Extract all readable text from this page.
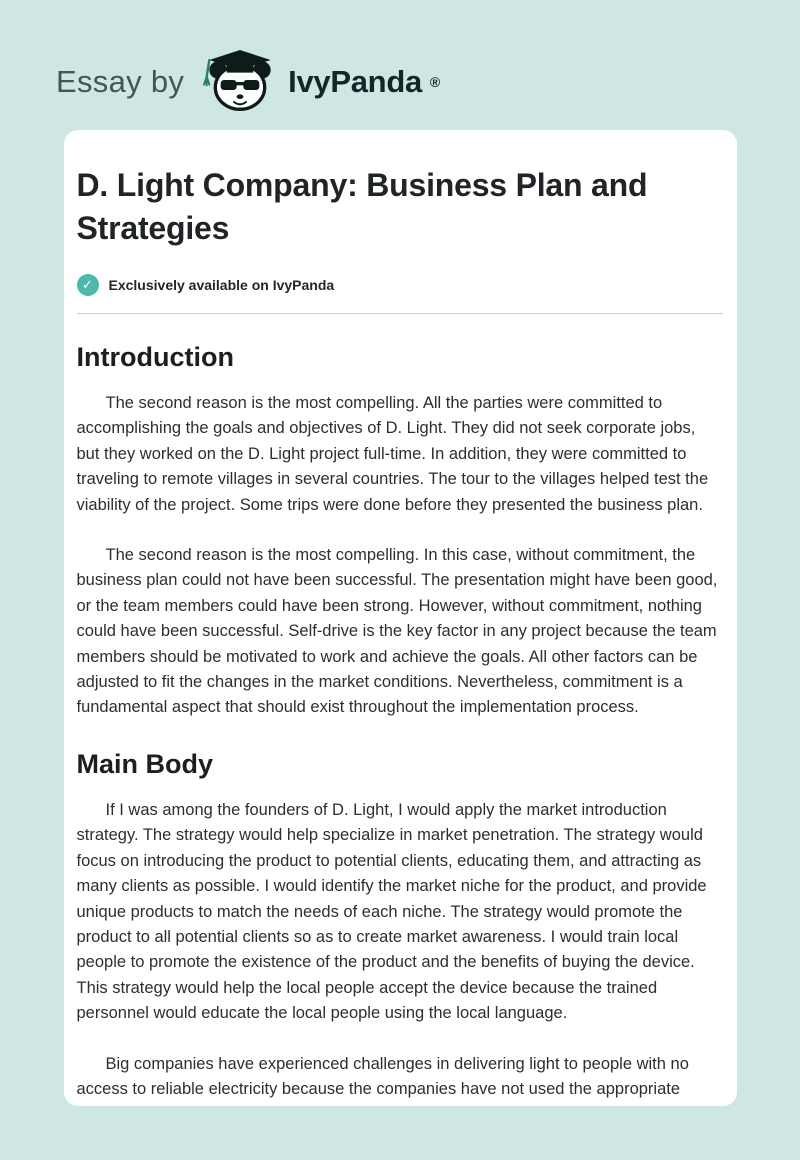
Essay by	IvyPanda ®
D. Light Company: Business Plan and Strategies
✓	Exclusively available on IvyPanda
Introduction

The second reason is the most compelling. All the parties were committed to accomplishing the goals and objectives of D. Light. They did not seek corporate jobs, but they worked on the D. Light project full-time. In addition, they were committed to traveling to remote villages in several countries. The tour to the villages helped test the viability of the project. Some trips were done before they presented the business plan.

The second reason is the most compelling. In this case, without commitment, the business plan could not have been successful. The presentation might have been good, or the team members could have been strong. However, without commitment, nothing could have been successful. Self-drive is the key factor in any project because the team members should be motivated to work and achieve the goals. All other factors can be adjusted to fit the changes in the market conditions. Nevertheless, commitment is a fundamental aspect that should exist throughout the implementation process.

Main Body

If I was among the founders of D. Light, I would apply the market introduction strategy. The strategy would help specialize in market penetration. The strategy would focus on introducing the product to potential clients, educating them, and attracting as many clients as possible. I would identify the market niche for the product, and provide unique products to match the needs of each niche. The strategy would promote the product to all potential clients so as to create market awareness. I would train local people to promote the existence of the product and the benefits of buying the device. This strategy would help the local people accept the device because the trained personnel would educate the local people using the local language.

Big companies have experienced challenges in delivering light to people with no access to reliable electricity because the companies have not used the appropriate
